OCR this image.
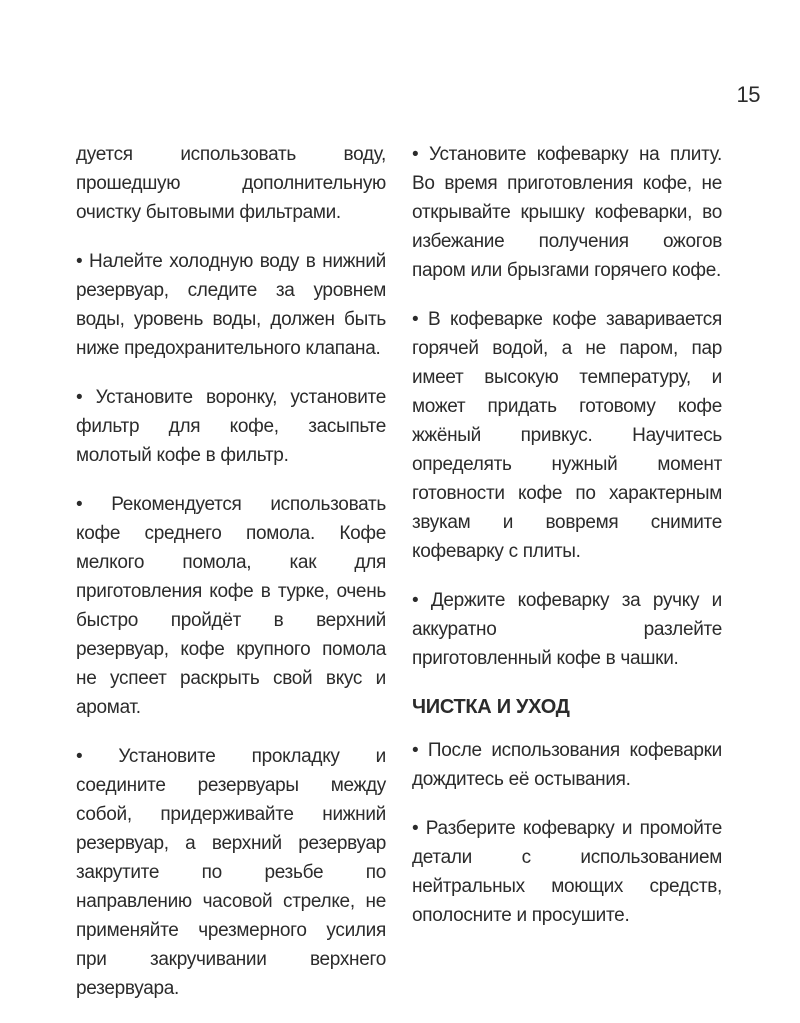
15

дуется использовать воду, прошедшую дополнительную очистку бытовыми фильтрами.

• Налейте холодную воду в нижний резервуар, следите за уровнем воды, уровень воды, должен быть ниже предохранительного клапана.

• Установите воронку, установите фильтр для кофе, засыпьте молотый кофе в фильтр.

• Рекомендуется использовать кофе среднего помола. Кофе мелкого помола, как для приготовления кофе в турке, очень быстро пройдёт в верхний резервуар, кофе крупного помола не успеет раскрыть свой вкус и аромат.

• Установите прокладку и соедините резервуары между собой, придерживайте нижний резервуар, а верхний резервуар закрутите по резьбе по направлению часовой стрелке, не применяйте чрезмерного усилия при закручивании верхнего резервуара.

• Установите кофеварку на плиту. Во время приготовления кофе, не открывайте крышку кофеварки, во избежание получения ожогов паром или брызгами горячего кофе.

• В кофеварке кофе заваривается горячей водой, а не паром, пар имеет высокую температуру, и может придать готовому кофе жжёный привкус. Научитесь определять нужный момент готовности кофе по характерным звукам и вовремя снимите кофеварку с плиты.

• Держите кофеварку за ручку и аккуратно разлейте приготовленный кофе в чашки.

ЧИСТКА И УХОД

• После использования кофеварки дождитесь её остывания.

• Разберите кофеварку и промойте детали с использованием нейтральных моющих средств, ополосните и просушите.
